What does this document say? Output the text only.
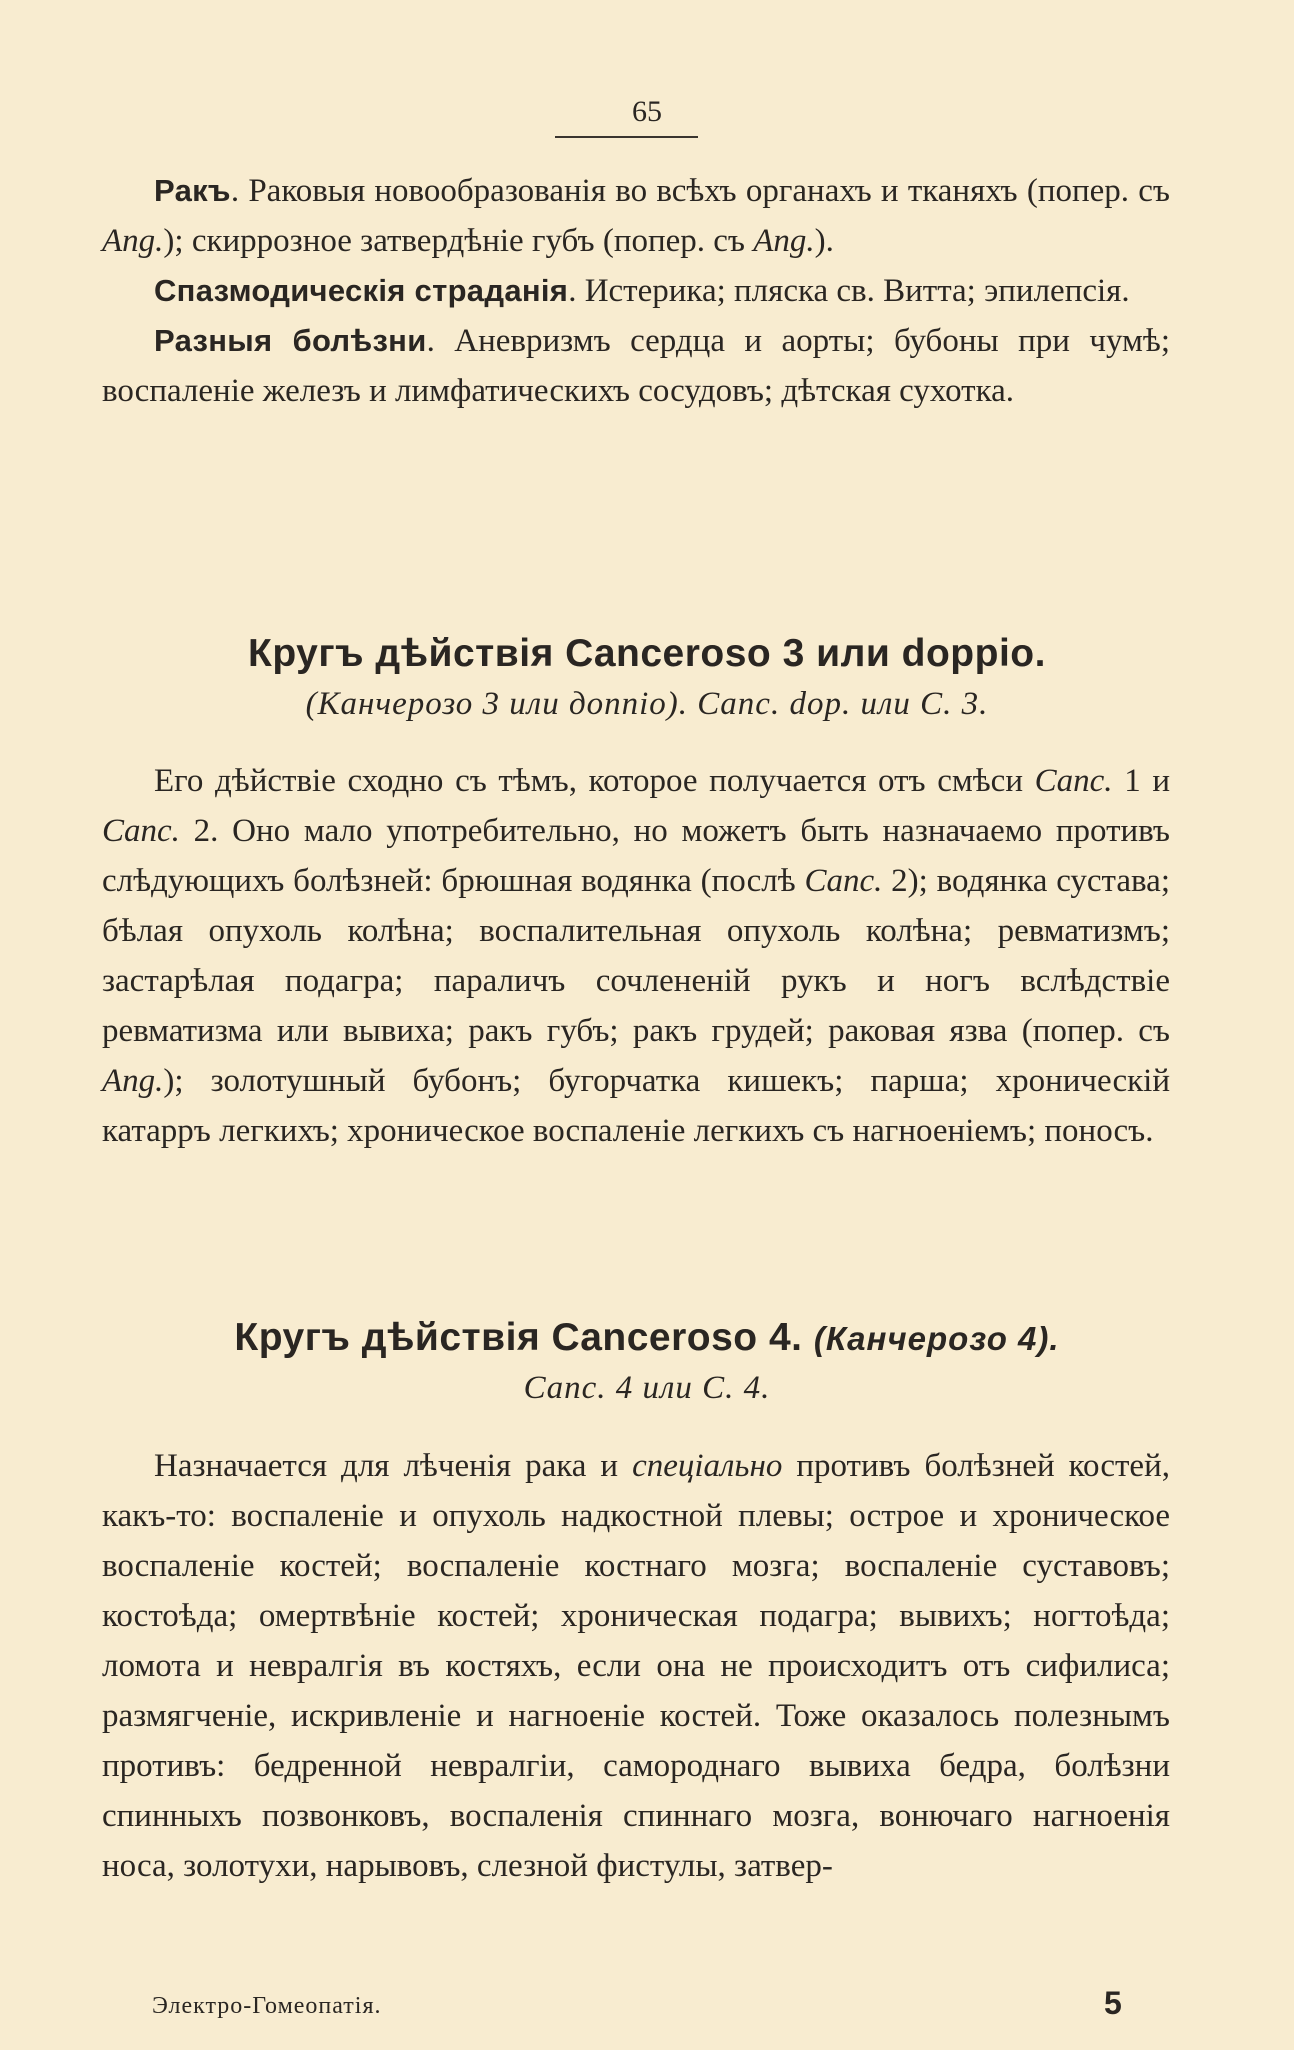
65

Ракъ. Раковыя новообразованія во всѣхъ органахъ и тканяхъ (попер. съ Ang.); скиррозное затвердѣніе губъ (попер. съ Ang.).

Спазмодическія страданія. Истерика; пляска св. Витта; эпилепсія.

Разныя болѣзни. Аневризмъ сердца и аорты; бубоны при чумѣ; воспаленіе железъ и лимфатическихъ сосудовъ; дѣтская сухотка.

Кругъ дѣйствія Cancеroso 3 или doppio.
(Канчерозо 3 или доппіо). Canc. dop. или С. 3.

Его дѣйствіе сходно съ тѣмъ, которое получается отъ смѣси Canc. 1 и Canc. 2. Оно мало употребительно, но можетъ быть назначаемо противъ слѣдующихъ болѣзней: брюшная водянка (послѣ Canc. 2); водянка сустава; бѣлая опухоль колѣна; воспалительная опухоль колѣна; ревматизмъ; застарѣлая подагра; параличъ сочлененій рукъ и ногъ вслѣдствіе ревматизма или вывиха; ракъ губъ; ракъ грудей; раковая язва (попер. съ Ang.); золотушный бубонъ; бугорчатка кишекъ; парша; хроническій катарръ легкихъ; хроническое воспаленіе легкихъ съ нагноеніемъ; поносъ.

Кругъ дѣйствія Cancеroso 4. (Канчерозо 4).
Canc. 4 или С. 4.

Назначается для лѣченія рака и спеціально противъ болѣзней костей, какъ-то: воспаленіе и опухоль надкостной плевы; острое и хроническое воспаленіе костей; воспаленіе костнаго мозга; воспаленіе суставовъ; костоѣда; омертвѣніе костей; хроническая подагра; вывихъ; ногтоѣда; ломота и невралгія въ костяхъ, если она не происходитъ отъ сифилиса; размягченіе, искривленіе и нагноеніе костей. Тоже оказалось полезнымъ противъ: бедренной невралгіи, самороднаго вывиха бедра, болѣзни спинныхъ позвонковъ, воспаленія спиннаго мозга, вонючаго нагноенія носа, золотухи, нарывовъ, слезной фистулы, затвер-

Электро-Гомеопатія.	5
